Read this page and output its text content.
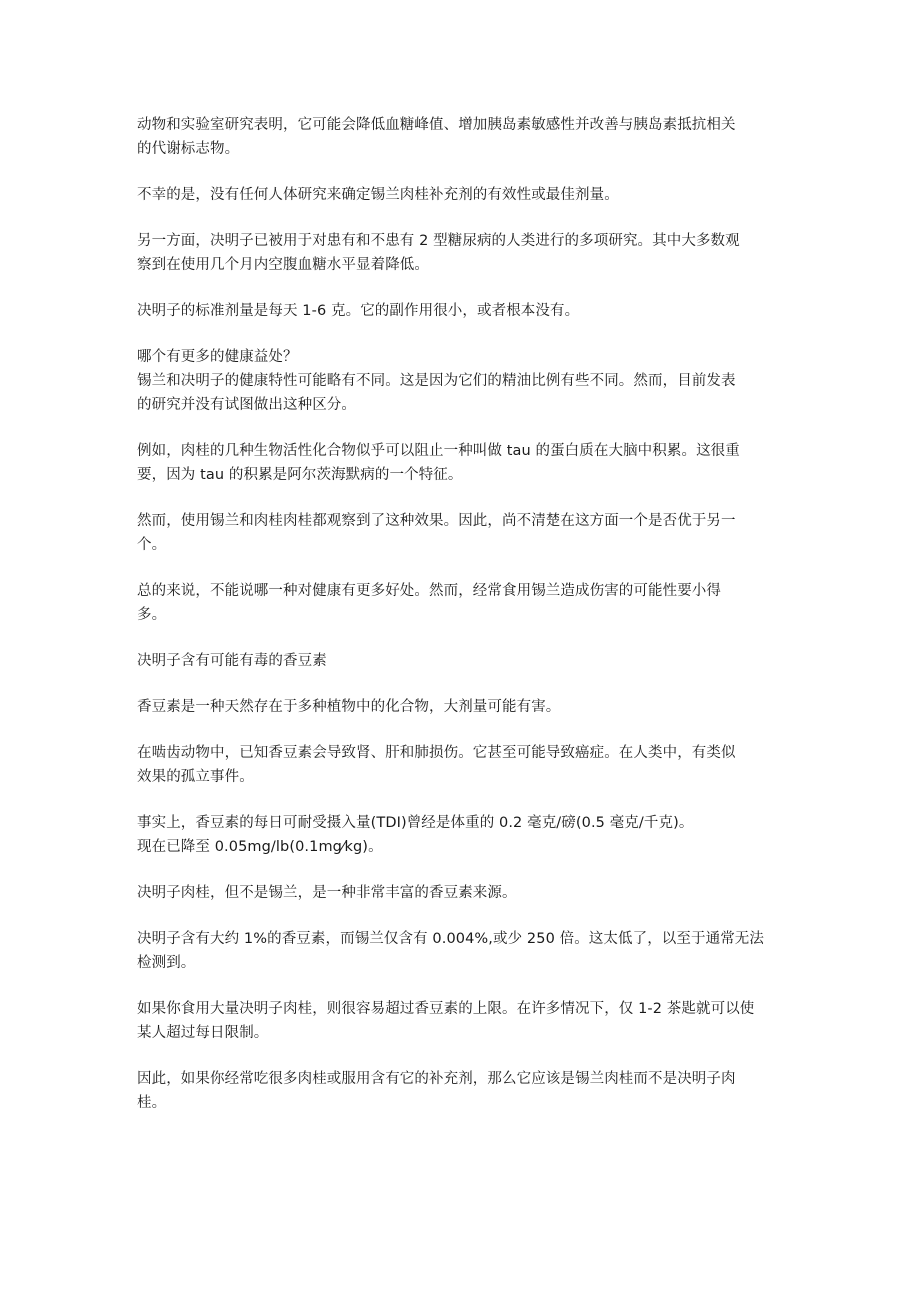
动物和实验室研究表明，它可能会降低血糖峰值、增加胰岛素敏感性并改善与胰岛素抵抗相关
的代谢标志物。

不幸的是，没有任何人体研究来确定锡兰肉桂补充剂的有效性或最佳剂量。

另一方面，决明子已被用于对患有和不患有 2 型糖尿病的人类进行的多项研究。其中大多数观
察到在使用几个月内空腹血糖水平显着降低。

决明子的标准剂量是每天 1-6 克。它的副作用很小，或者根本没有。

哪个有更多的健康益处？
锡兰和决明子的健康特性可能略有不同。这是因为它们的精油比例有些不同。然而，目前发表
的研究并没有试图做出这种区分。

例如，肉桂的几种生物活性化合物似乎可以阻止一种叫做 tau 的蛋白质在大脑中积累。这很重
要，因为 tau 的积累是阿尔茨海默病的一个特征。

然而，使用锡兰和肉桂肉桂都观察到了这种效果。因此，尚不清楚在这方面一个是否优于另一
个。

总的来说，不能说哪一种对健康有更多好处。然而，经常食用锡兰造成伤害的可能性要小得
多。

决明子含有可能有毒的香豆素

香豆素是一种天然存在于多种植物中的化合物，大剂量可能有害。

在啮齿动物中，已知香豆素会导致肾、肝和肺损伤。它甚至可能导致癌症。在人类中，有类似
效果的孤立事件。

事实上，香豆素的每日可耐受摄入量(TDI)曾经是体重的 0.2 毫克/磅(0.5 毫克/千克)。
现在已降至 0.05mg/lb(0.1mg⁄kg)。

决明子肉桂，但不是锡兰，是一种非常丰富的香豆素来源。

决明子含有大约 1%的香豆素，而锡兰仅含有 0.004%,或少 250 倍。这太低了，以至于通常无法
检测到。

如果你食用大量决明子肉桂，则很容易超过香豆素的上限。在许多情况下，仅 1-2 茶匙就可以使
某人超过每日限制。

因此，如果你经常吃很多肉桂或服用含有它的补充剂，那么它应该是锡兰肉桂而不是决明子肉
桂。
